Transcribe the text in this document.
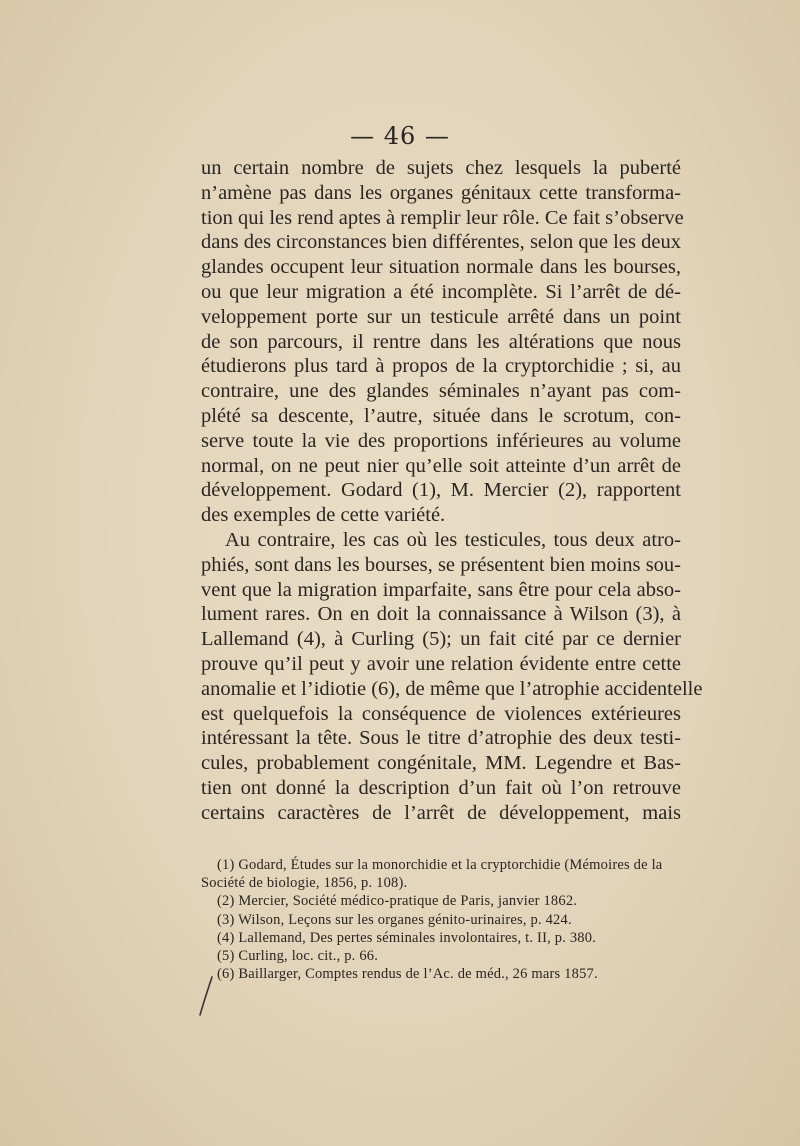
— 46 —
un certain nombre de sujets chez lesquels la puberté
n’amène pas dans les organes génitaux cette transforma-
tion qui les rend aptes à remplir leur rôle. Ce fait s’observe
dans des circonstances bien différentes, selon que les deux
glandes occupent leur situation normale dans les bourses,
ou que leur migration a été incomplète. Si l’arrêt de dé-
veloppement porte sur un testicule arrêté dans un point
de son parcours, il rentre dans les altérations que nous
étudierons plus tard à propos de la cryptorchidie ; si, au
contraire, une des glandes séminales n’ayant pas com-
plété sa descente, l’autre, située dans le scrotum, con-
serve toute la vie des proportions inférieures au volume
normal, on ne peut nier qu’elle soit atteinte d’un arrêt de
développement. Godard (1), M. Mercier (2), rapportent
des exemples de cette variété.
Au contraire, les cas où les testicules, tous deux atro-
phiés, sont dans les bourses, se présentent bien moins sou-
vent que la migration imparfaite, sans être pour cela abso-
lument rares. On en doit la connaissance à Wilson (3), à
Lallemand (4), à Curling (5); un fait cité par ce dernier
prouve qu’il peut y avoir une relation évidente entre cette
anomalie et l’idiotie (6), de même que l’atrophie accidentelle
est quelquefois la conséquence de violences extérieures
intéressant la tête. Sous le titre d’atrophie des deux testi-
cules, probablement congénitale, MM. Legendre et Bas-
tien ont donné la description d’un fait où l’on retrouve
certains caractères de l’arrêt de développement, mais
(1) Godard, Études sur la monorchidie et la cryptorchidie (Mémoires de la
Société de biologie, 1856, p. 108).
(2) Mercier, Société médico-pratique de Paris, janvier 1862.
(3) Wilson, Leçons sur les organes génito-urinaires, p. 424.
(4) Lallemand, Des pertes séminales involontaires, t. II, p. 380.
(5) Curling, loc. cit., p. 66.
(6) Baillarger, Comptes rendus de l’Ac. de méd., 26 mars 1857.
